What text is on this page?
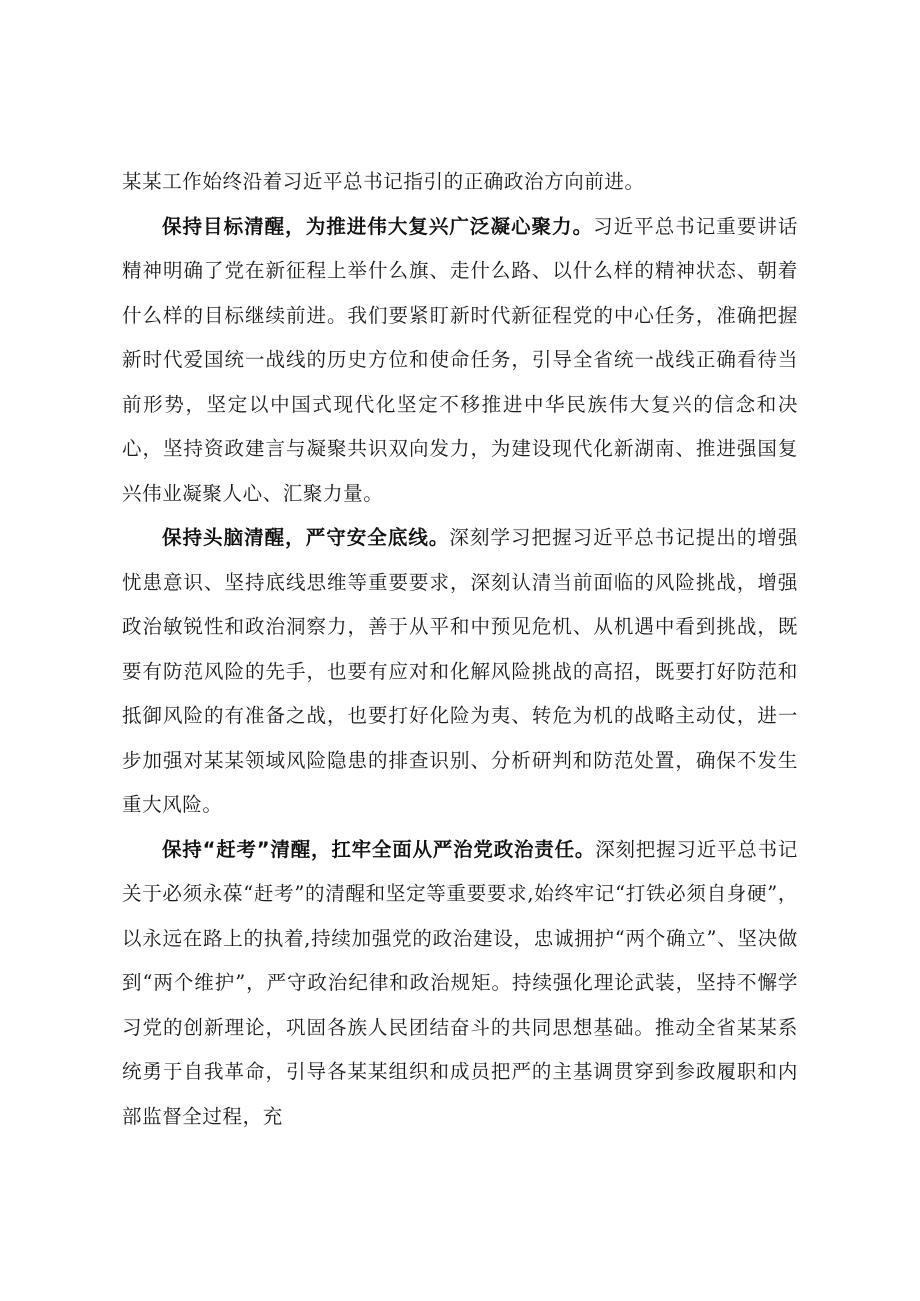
某某工作始终沿着习近平总书记指引的正确政治方向前进。

保持目标清醒，为推进伟大复兴广泛凝心聚力。习近平总书记重要讲话精神明确了党在新征程上举什么旗、走什么路、以什么样的精神状态、朝着什么样的目标继续前进。我们要紧盯新时代新征程党的中心任务，准确把握新时代爱国统一战线的历史方位和使命任务，引导全省统一战线正确看待当前形势，坚定以中国式现代化坚定不移推进中华民族伟大复兴的信念和决心，坚持资政建言与凝聚共识双向发力，为建设现代化新湖南、推进强国复兴伟业凝聚人心、汇聚力量。

保持头脑清醒，严守安全底线。深刻学习把握习近平总书记提出的增强忧患意识、坚持底线思维等重要要求，深刻认清当前面临的风险挑战，增强政治敏锐性和政治洞察力，善于从平和中预见危机、从机遇中看到挑战，既要有防范风险的先手，也要有应对和化解风险挑战的高招，既要打好防范和抵御风险的有准备之战，也要打好化险为夷、转危为机的战略主动仗，进一步加强对某某领域风险隐患的排查识别、分析研判和防范处置，确保不发生重大风险。

保持“赶考”清醒，扛牢全面从严治党政治责任。深刻把握习近平总书记关于必须永葆“赶考”的清醒和坚定等重要要求,始终牢记“打铁必须自身硬”，以永远在路上的执着,持续加强党的政治建设，忠诚拥护“两个确立”、坚决做到“两个维护”，严守政治纪律和政治规矩。持续强化理论武装，坚持不懈学习党的创新理论，巩固各族人民团结奋斗的共同思想基础。推动全省某某系统勇于自我革命，引导各某某组织和成员把严的主基调贯穿到参政履职和内部监督全过程，充
